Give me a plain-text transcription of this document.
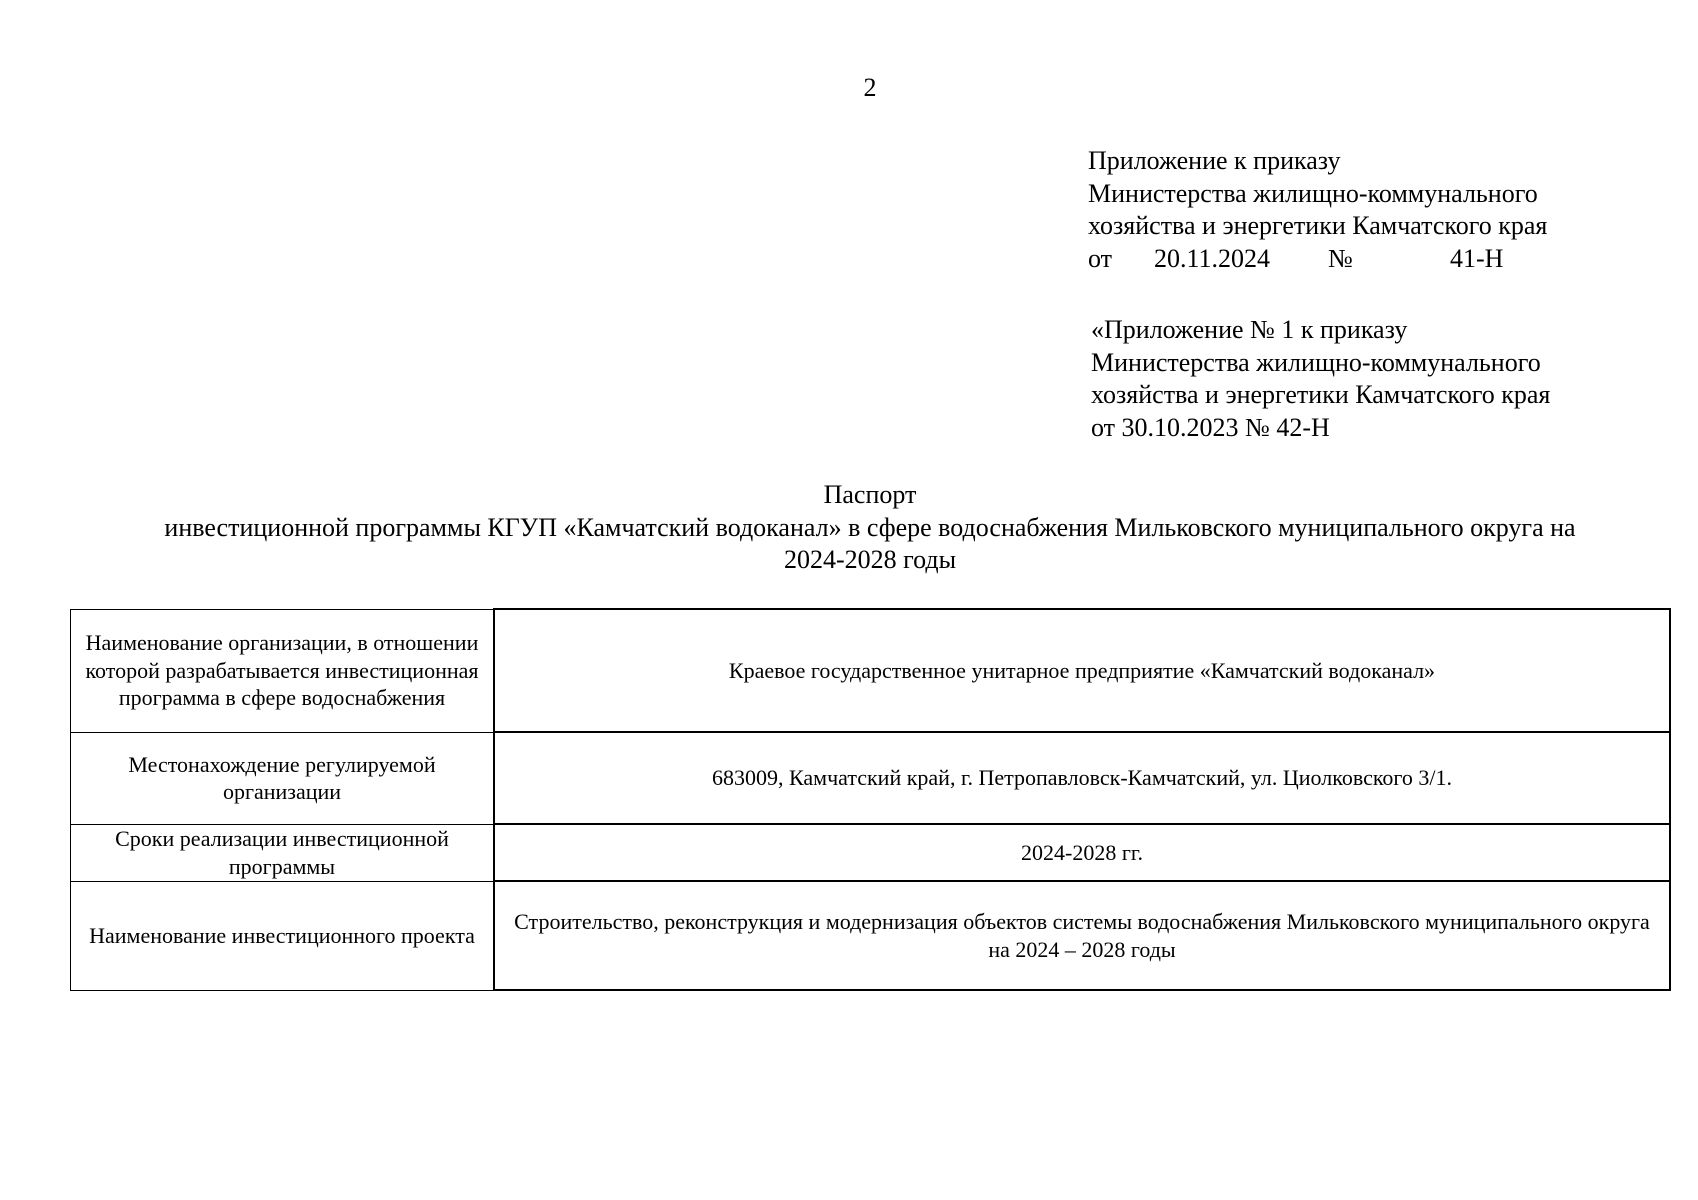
2
Приложение к приказу
Министерства жилищно-коммунального
хозяйства и энергетики Камчатского края
от 20.11.2024 №	41-Н
«Приложение № 1 к приказу
Министерства жилищно-коммунального
хозяйства и энергетики Камчатского края
от 30.10.2023 № 42-Н
Паспорт
инвестиционной программы КГУП «Камчатский водоканал» в сфере водоснабжения Мильковского муниципального округа на
2024-2028 годы
Наименование организации, в отношении которой разрабатывается инвестиционная программа в сфере водоснабжения	Краевое государственное унитарное предприятие «Камчатский водоканал»
Местонахождение регулируемой организации	683009, Камчатский край, г. Петропавловск-Камчатский, ул. Циолковского 3/1.
Сроки реализации инвестиционной программы	2024-2028 гг.
Наименование инвестиционного проекта	Строительство, реконструкция и модернизация объектов системы водоснабжения Мильковского муниципального округа на 2024 – 2028 годы
